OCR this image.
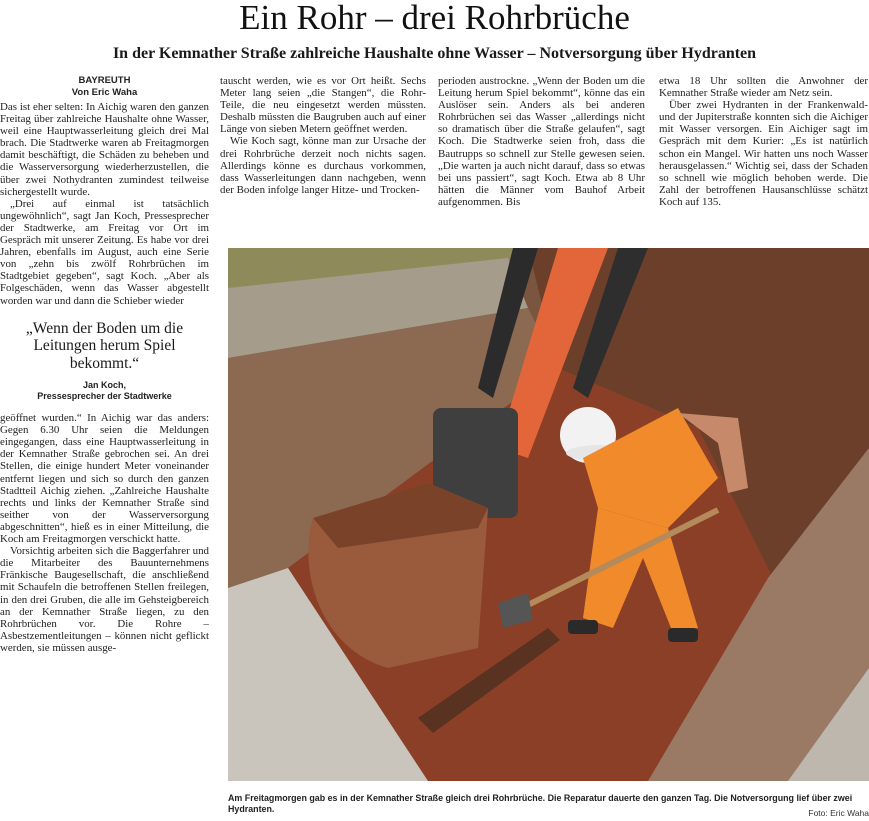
Ein Rohr – drei Rohrbrüche
In der Kemnather Straße zahlreiche Haushalte ohne Wasser – Notversorgung über Hydranten
BAYREUTH
Von Eric Waha

Das ist eher selten: In Aichig waren den ganzen Freitag über zahlreiche Haushalte ohne Wasser, weil eine Hauptwasserleitung gleich drei Mal brach. Die Stadtwerke waren ab Freitagmorgen damit beschäftigt, die Schäden zu beheben und die Wasserversorgung wiederherzustellen, die über zwei Nothydranten zumindest teilweise sichergestellt wurde.

„Drei auf einmal ist tatsächlich ungewöhnlich“, sagt Jan Koch, Pressesprecher der Stadtwerke, am Freitag vor Ort im Gespräch mit unserer Zeitung. Es habe vor drei Jahren, ebenfalls im August, auch eine Serie von „zehn bis zwölf Rohrbrüchen im Stadtgebiet gegeben“, sagt Koch. „Aber als Folgeschäden, wenn das Wasser abgestellt worden war und dann die Schieber wieder

„Wenn der Boden um die Leitungen herum Spiel bekommt.“
Jan Koch,
Pressesprecher der Stadtwerke

geöffnet wurden.“ In Aichig war das anders: Gegen 6.30 Uhr seien die Meldungen eingegangen, dass eine Hauptwasserleitung in der Kemnather Straße gebrochen sei. An drei Stellen, die einige hundert Meter voneinander entfernt liegen und sich so durch den ganzen Stadtteil Aichig ziehen. „Zahlreiche Haushalte rechts und links der Kemnather Straße sind seither von der Wasserversorgung abgeschnitten“, hieß es in einer Mitteilung, die Koch am Freitagmorgen verschickt hatte.

Vorsichtig arbeiten sich die Baggerfahrer und die Mitarbeiter des Bauunternehmens Fränkische Baugesellschaft, die anschließend mit Schaufeln die betroffenen Stellen freilegen, in den drei Gruben, die alle im Gehsteigbereich an der Kemnather Straße liegen, zu den Rohrbrüchen vor. Die Rohre – Asbestzementleitungen – können nicht geflickt werden, sie müssen ausge-

tauscht werden, wie es vor Ort heißt. Sechs Meter lang seien „die Stangen“, die Rohr-Teile, die neu eingesetzt werden müssten. Deshalb müssten die Baugruben auch auf einer Länge von sieben Metern geöffnet werden.

Wie Koch sagt, könne man zur Ursache der drei Rohrbrüche derzeit noch nichts sagen. Allerdings könne es durchaus vorkommen, dass Wasserleitungen dann nachgeben, wenn der Boden infolge langer Hitze- und Trocken-

perioden austrockne. „Wenn der Boden um die Leitung herum Spiel bekommt“, könne das ein Auslöser sein. Anders als bei anderen Rohrbrüchen sei das Wasser „allerdings nicht so dramatisch über die Straße gelaufen“, sagt Koch. Die Stadtwerke seien froh, dass die Bautrupps so schnell zur Stelle gewesen seien. „Die warten ja auch nicht darauf, dass so etwas bei uns passiert“, sagt Koch. Etwa ab 8 Uhr hätten die Männer vom Bauhof Arbeit aufgenommen. Bis

etwa 18 Uhr sollten die Anwohner der Kemnather Straße wieder am Netz sein.

Über zwei Hydranten in der Frankenwald- und der Jupiterstraße konnten sich die Aichiger mit Wasser versorgen. Ein Aichiger sagt im Gespräch mit dem Kurier: „Es ist natürlich schon ein Mangel. Wir hatten uns noch Wasser herausgelassen.“ Wichtig sei, dass der Schaden so schnell wie möglich behoben werde. Die Zahl der betroffenen Hausanschlüsse schätzt Koch auf 135.

Am Freitagmorgen gab es in der Kemnather Straße gleich drei Rohrbrüche. Die Reparatur dauerte den ganzen Tag. Die Notversorgung lief über zwei Hydranten.	Foto: Eric Waha
